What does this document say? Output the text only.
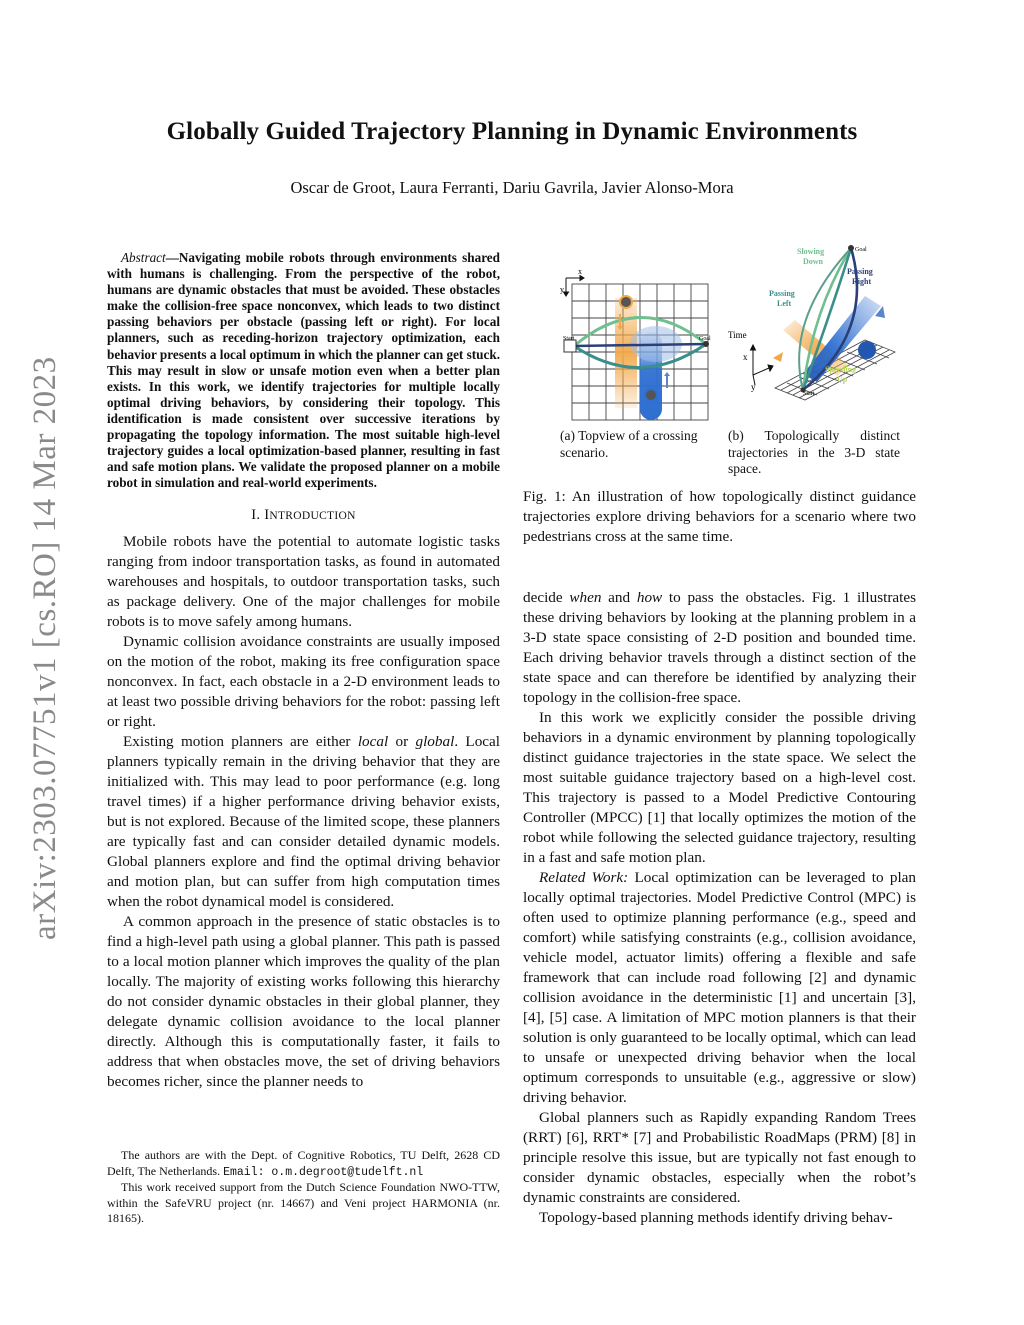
arXiv:2303.07751v1 [cs.RO] 14 Mar 2023
Globally Guided Trajectory Planning in Dynamic Environments
Oscar de Groot, Laura Ferranti, Dariu Gavrila, Javier Alonso-Mora

Abstract—Navigating mobile robots through environments shared with humans is challenging. From the perspective of the robot, humans are dynamic obstacles that must be avoided. These obstacles make the collision-free space nonconvex, which leads to two distinct passing behaviors per obstacle (passing left or right). For local planners, such as receding-horizon trajectory optimization, each behavior presents a local optimum in which the planner can get stuck. This may result in slow or unsafe motion even when a better plan exists. In this work, we identify trajectories for multiple locally optimal driving behaviors, by considering their topology. This identification is made consistent over successive iterations by propagating the topology information. The most suitable high-level trajectory guides a local optimization-based planner, resulting in fast and safe motion plans. We validate the proposed planner on a mobile robot in simulation and real-world experiments.

I. INTRODUCTION

Mobile robots have the potential to automate logistic tasks ranging from indoor transportation tasks, as found in automated warehouses and hospitals, to outdoor transportation tasks, such as package delivery. One of the major challenges for mobile robots is to move safely among humans.

Dynamic collision avoidance constraints are usually imposed on the motion of the robot, making its free configuration space nonconvex. In fact, each obstacle in a 2-D environment leads to at least two possible driving behaviors for the robot: passing left or right.

Existing motion planners are either local or global. Local planners typically remain in the driving behavior that they are initialized with. This may lead to poor performance (e.g. long travel times) if a higher performance driving behavior exists, but is not explored. Because of the limited scope, these planners are typically fast and can consider detailed dynamic models. Global planners explore and find the optimal driving behavior and motion plan, but can suffer from high computation times when the robot dynamical model is considered.

A common approach in the presence of static obstacles is to find a high-level path using a global planner. This path is passed to a local motion planner which improves the quality of the plan locally. The majority of existing works following this hierarchy do not consider dynamic obstacles in their global planner, they delegate dynamic collision avoidance to the local planner directly. Although this is computationally faster, it fails to address that when obstacles move, the set of driving behaviors becomes richer, since the planner needs to

The authors are with the Dept. of Cognitive Robotics, TU Delft, 2628 CD Delft, The Netherlands. Email: o.m.degroot@tudelft.nl
This work received support from the Dutch Science Foundation NWO-TTW, within the SafeVRU project (nr. 14667) and Veni project HARMONIA (nr. 18165).
x
y
Start	Goal Time
x
y
Start
Goal
Slowing
Down
Passing
Right
Passing
Left
Speeding
Up
(a) Topview of a crossing scenario.
(b) Topologically distinct trajectories in the 3-D state space.
Fig. 1: An illustration of how topologically distinct guidance trajectories explore driving behaviors for a scenario where two pedestrians cross at the same time.

decide when and how to pass the obstacles. Fig. 1 illustrates these driving behaviors by looking at the planning problem in a 3-D state space consisting of 2-D position and bounded time. Each driving behavior travels through a distinct section of the state space and can therefore be identified by analyzing their topology in the collision-free space.

In this work we explicitly consider the possible driving behaviors in a dynamic environment by planning topologically distinct guidance trajectories in the state space. We select the most suitable guidance trajectory based on a high-level cost. This trajectory is passed to a Model Predictive Contouring Controller (MPCC) [1] that locally optimizes the motion of the robot while following the selected guidance trajectory, resulting in a fast and safe motion plan.

Related Work: Local optimization can be leveraged to plan locally optimal trajectories. Model Predictive Control (MPC) is often used to optimize planning performance (e.g., speed and comfort) while satisfying constraints (e.g., collision avoidance, vehicle model, actuator limits) offering a flexible and safe framework that can include road following [2] and dynamic collision avoidance in the deterministic [1] and uncertain [3], [4], [5] case. A limitation of MPC motion planners is that their solution is only guaranteed to be locally optimal, which can lead to unsafe or unexpected driving behavior when the local optimum corresponds to unsuitable (e.g., aggressive or slow) driving behavior.

Global planners such as Rapidly expanding Random Trees (RRT) [6], RRT* [7] and Probabilistic RoadMaps (PRM) [8] in principle resolve this issue, but are typically not fast enough to consider dynamic obstacles, especially when the robot’s dynamic constraints are considered.

Topology-based planning methods identify driving behav-
